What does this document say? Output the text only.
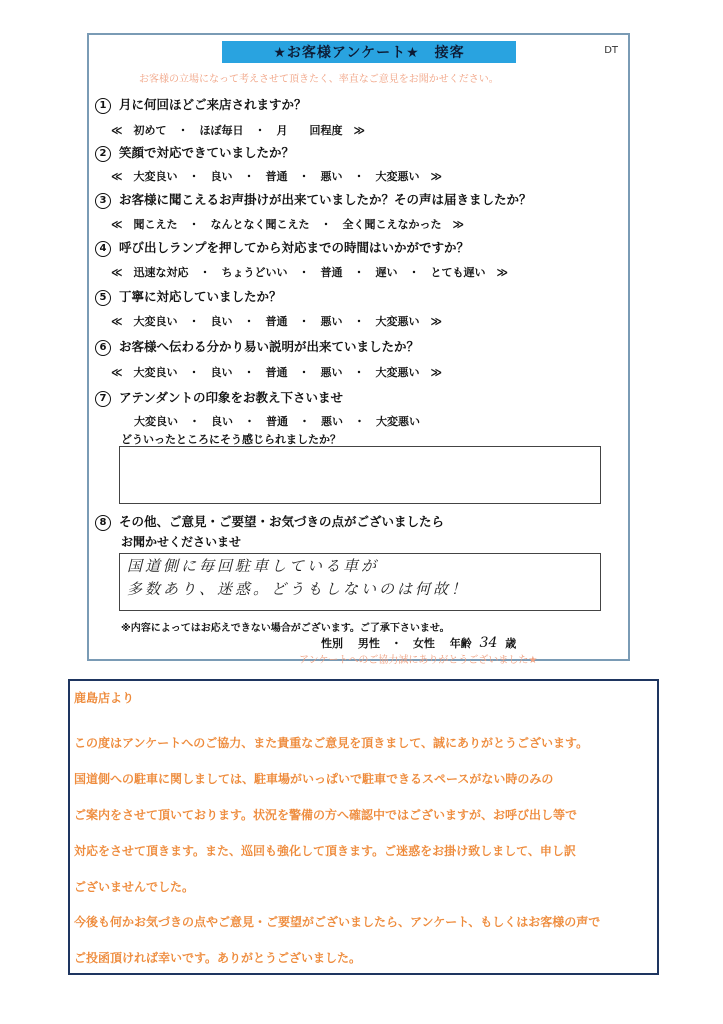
★お客様アンケート★　接客	DT
お客様の立場になって考えさせて頂きたく、率直なご意見をお聞かせください。
1 月に何回ほどご来店されますか？
≪　初めて　・　ほぼ毎日　・　月　　回程度　≫
2 笑顔で対応できていましたか？
≪　大変良い　・　良い　・　普通　・　悪い　・　大変悪い　≫
3 お客様に聞こえるお声掛けが出来ていましたか？その声は届きましたか？
≪　聞こえた　・　なんとなく聞こえた　・　全く聞こえなかった　≫
4 呼び出しランプを押してから対応までの時間はいかがですか？
≪　迅速な対応　・　ちょうどいい　・　普通　・　遅い　・　とても遅い　≫
5 丁寧に対応していましたか？
≪　大変良い　・　良い　・　普通　・　悪い　・　大変悪い　≫
6 お客様へ伝わる分かり易い説明が出来ていましたか？
≪　大変良い　・　良い　・　普通　・　悪い　・　大変悪い　≫
7 アテンダントの印象をお教え下さいませ
大変良い　・　良い　・　普通　・　悪い　・　大変悪い
どういったところにそう感じられましたか？
8 その他、ご意見・ご要望・お気づきの点がございましたら
お聞かせくださいませ
国道側に毎回駐車している車が
多数あり、迷惑。どうもしないのは何故！
※内容によってはお応えできない場合がございます。ご了承下さいませ。
性別　 男性　・　女性　 年齢 34 歳
アンケートへのご協力誠にありがとうございました★
鹿島店より
この度はアンケートへのご協力、また貴重なご意見を頂きまして、誠にありがとうございます。
国道側への駐車に関しましては、駐車場がいっぱいで駐車できるスペースがない時のみの
ご案内をさせて頂いております。状況を警備の方へ確認中ではございますが、お呼び出し等で
対応をさせて頂きます。また、巡回も強化して頂きます。ご迷惑をお掛け致しまして、申し訳
ございませんでした。
今後も何かお気づきの点やご意見・ご要望がございましたら、アンケート、もしくはお客様の声で
ご投函頂ければ幸いです。ありがとうございました。
